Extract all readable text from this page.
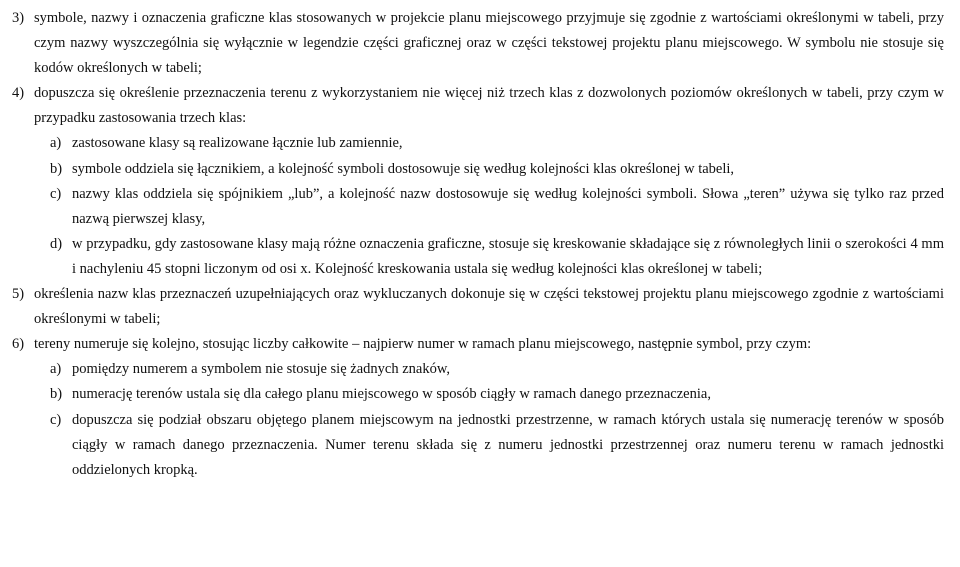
3) symbole, nazwy i oznaczenia graficzne klas stosowanych w projekcie planu miejscowego przyjmuje się zgodnie z wartościami określonymi w tabeli, przy czym nazwy wyszczególnia się wyłącznie w legendzie części graficznej oraz w części tekstowej projektu planu miejscowego. W symbolu nie stosuje się kodów określonych w tabeli;
4) dopuszcza się określenie przeznaczenia terenu z wykorzystaniem nie więcej niż trzech klas z dozwolonych poziomów określonych w tabeli, przy czym w przypadku zastosowania trzech klas:
a) zastosowane klasy są realizowane łącznie lub zamiennie,
b) symbole oddziela się łącznikiem, a kolejność symboli dostosowuje się według kolejności klas określonej w tabeli,
c) nazwy klas oddziela się spójnikiem „lub”, a kolejność nazw dostosowuje się według kolejności symboli. Słowa „teren” używa się tylko raz przed nazwą pierwszej klasy,
d) w przypadku, gdy zastosowane klasy mają różne oznaczenia graficzne, stosuje się kreskowanie składające się z równoległych linii o szerokości 4 mm i nachyleniu 45 stopni liczonym od osi x. Kolejność kreskowania ustala się według kolejności klas określonej w tabeli;
5) określenia nazw klas przeznaczeń uzupełniających oraz wykluczanych dokonuje się w części tekstowej projektu planu miejscowego zgodnie z wartościami określonymi w tabeli;
6) tereny numeruje się kolejno, stosując liczby całkowite – najpierw numer w ramach planu miejscowego, następnie symbol, przy czym:
a) pomiędzy numerem a symbolem nie stosuje się żadnych znaków,
b) numerację terenów ustala się dla całego planu miejscowego w sposób ciągły w ramach danego przeznaczenia,
c) dopuszcza się podział obszaru objętego planem miejscowym na jednostki przestrzenne, w ramach których ustala się numerację terenów w sposób ciągły w ramach danego przeznaczenia. Numer terenu składa się z numeru jednostki przestrzennej oraz numeru terenu w ramach jednostki oddzielonych kropką.
